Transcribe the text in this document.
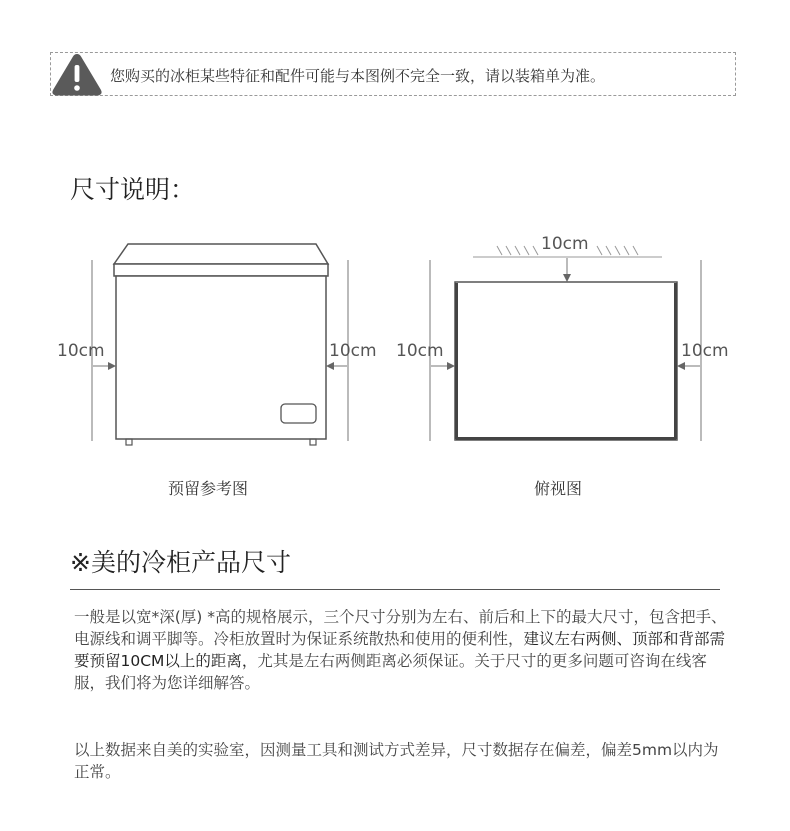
您购买的冰柜某些特征和配件可能与本图例不完全一致，请以装箱单为准。
尺寸说明：
10cm	10cm
10cm
10cm	10cm
预留参考图	俯视图
※美的冷柜产品尺寸

一般是以宽*深(厚) *高的规格展示，三个尺寸分别为左右、前后和上下的最大尺寸，包含把手、电源线和调平脚等。冷柜放置时为保证系统散热和使用的便利性，建议左右两侧、顶部和背部需要预留10CM以上的距离，尤其是左右两侧距离必须保证。关于尺寸的更多问题可咨询在线客服，我们将为您详细解答。

以上数据来自美的实验室，因测量工具和测试方式差异，尺寸数据存在偏差，偏差5mm以内为正常。
